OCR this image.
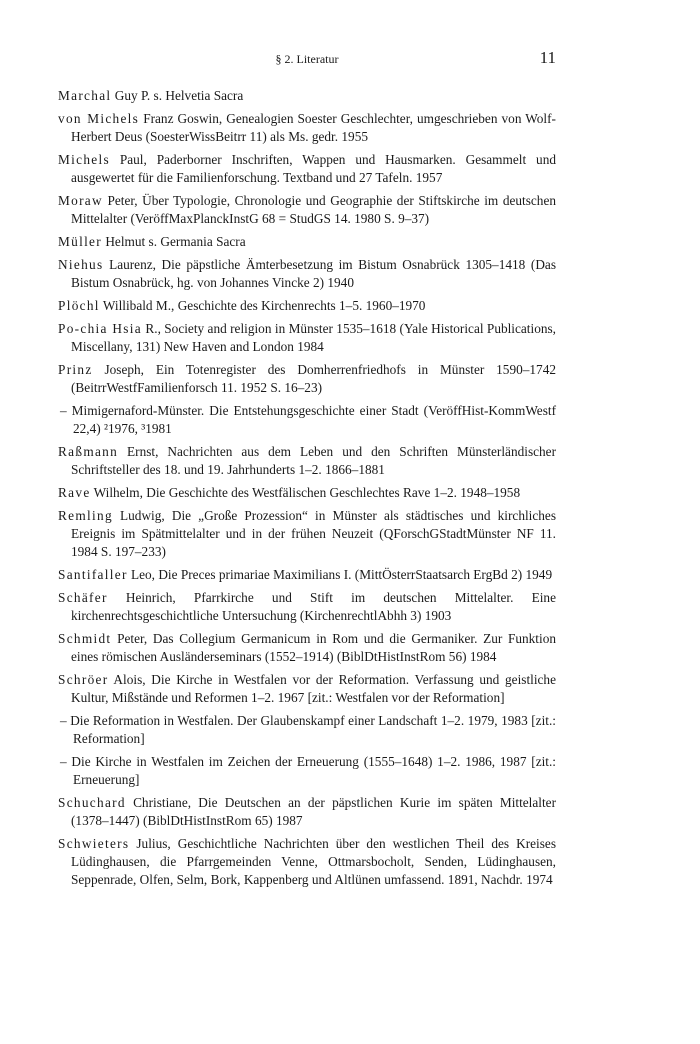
§ 2. Literatur	11

Marchal Guy P. s. Helvetia Sacra

von Michels Franz Goswin, Genealogien Soester Geschlechter, umgeschrieben von Wolf-Herbert Deus (SoesterWissBeitrr 11) als Ms. gedr. 1955

Michels Paul, Paderborner Inschriften, Wappen und Hausmarken. Gesammelt und ausgewertet für die Familienforschung. Textband und 27 Tafeln. 1957

Moraw Peter, Über Typologie, Chronologie und Geographie der Stiftskirche im deutschen Mittelalter (VeröffMaxPlanckInstG 68 = StudGS 14. 1980 S. 9–37)

Müller Helmut s. Germania Sacra

Niehus Laurenz, Die päpstliche Ämterbesetzung im Bistum Osnabrück 1305–1418 (Das Bistum Osnabrück, hg. von Johannes Vincke 2) 1940

Plöchl Willibald M., Geschichte des Kirchenrechts 1–5. 1960–1970

Po-chia Hsia R., Society and religion in Münster 1535–1618 (Yale Historical Publications, Miscellany, 131) New Haven and London 1984

Prinz Joseph, Ein Totenregister des Domherrenfriedhofs in Münster 1590–1742 (BeitrrWestfFamilienforsch 11. 1952 S. 16–23)

– Mimigernaford-Münster. Die Entstehungsgeschichte einer Stadt (VeröffHist-KommWestf 22,4) ²1976, ³1981

Raßmann Ernst, Nachrichten aus dem Leben und den Schriften Münsterländischer Schriftsteller des 18. und 19. Jahrhunderts 1–2. 1866–1881

Rave Wilhelm, Die Geschichte des Westfälischen Geschlechtes Rave 1–2. 1948–1958

Remling Ludwig, Die „Große Prozession“ in Münster als städtisches und kirchliches Ereignis im Spätmittelalter und in der frühen Neuzeit (QForschGStadtMünster NF 11. 1984 S. 197–233)

Santifaller Leo, Die Preces primariae Maximilians I. (MittÖsterrStaatsarch ErgBd 2) 1949

Schäfer Heinrich, Pfarrkirche und Stift im deutschen Mittelalter. Eine kirchenrechtsgeschichtliche Untersuchung (KirchenrechtlAbhh 3) 1903

Schmidt Peter, Das Collegium Germanicum in Rom und die Germaniker. Zur Funktion eines römischen Ausländerseminars (1552–1914) (BiblDtHistInstRom 56) 1984

Schröer Alois, Die Kirche in Westfalen vor der Reformation. Verfassung und geistliche Kultur, Mißstände und Reformen 1–2. 1967 [zit.: Westfalen vor der Reformation]

– Die Reformation in Westfalen. Der Glaubenskampf einer Landschaft 1–2. 1979, 1983 [zit.: Reformation]

– Die Kirche in Westfalen im Zeichen der Erneuerung (1555–1648) 1–2. 1986, 1987 [zit.: Erneuerung]

Schuchard Christiane, Die Deutschen an der päpstlichen Kurie im späten Mittelalter (1378–1447) (BiblDtHistInstRom 65) 1987

Schwieters Julius, Geschichtliche Nachrichten über den westlichen Theil des Kreises Lüdinghausen, die Pfarrgemeinden Venne, Ottmarsbocholt, Senden, Lüdinghausen, Seppenrade, Olfen, Selm, Bork, Kappenberg und Altlünen umfassend. 1891, Nachdr. 1974
